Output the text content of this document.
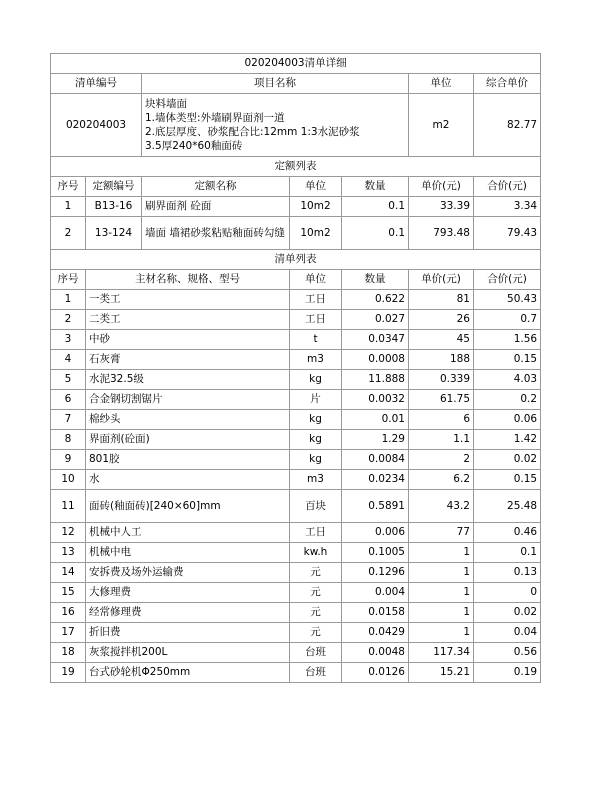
020204003清单详细						
清单编号		项目名称			单位	综合单价
020204003		块料墙面
1.墙体类型:外墙刷界面剂一道
2.底层厚度、砂浆配合比:12mm 1:3水泥砂浆
3.5厚240*60釉面砖			m2	82.77
定额列表						
序号	定额编号	定额名称	单位	数量	单价(元)	合价(元)
1	B13-16	刷界面剂 砼面	10m2	0.1	33.39	3.34
2	13-124	墙面 墙裙砂浆粘贴釉面砖勾缝	10m2	0.1	793.48	79.43
清单列表						
序号	主材名称、规格、型号		单位	数量	单价(元)	合价(元)
1	一类工		工日	0.622	81	50.43
2	二类工		工日	0.027	26	0.7
3	中砂		t	0.0347	45	1.56
4	石灰膏		m3	0.0008	188	0.15
5	水泥32.5级		kg	11.888	0.339	4.03
6	合金钢切割锯片		片	0.0032	61.75	0.2
7	棉纱头		kg	0.01	6	0.06
8	界面剂(砼面)		kg	1.29	1.1	1.42
9	801胶		kg	0.0084	2	0.02
10	水		m3	0.0234	6.2	0.15
11	面砖(釉面砖)[240×60]mm		百块	0.5891	43.2	25.48
12	机械中人工		工日	0.006	77	0.46
13	机械中电		kw.h	0.1005	1	0.1
14	安拆费及场外运输费		元	0.1296	1	0.13
15	大修理费		元	0.004	1	0
16	经常修理费		元	0.0158	1	0.02
17	折旧费		元	0.0429	1	0.04
18	灰浆搅拌机200L		台班	0.0048	117.34	0.56
19	台式砂轮机Φ250mm		台班	0.0126	15.21	0.19
